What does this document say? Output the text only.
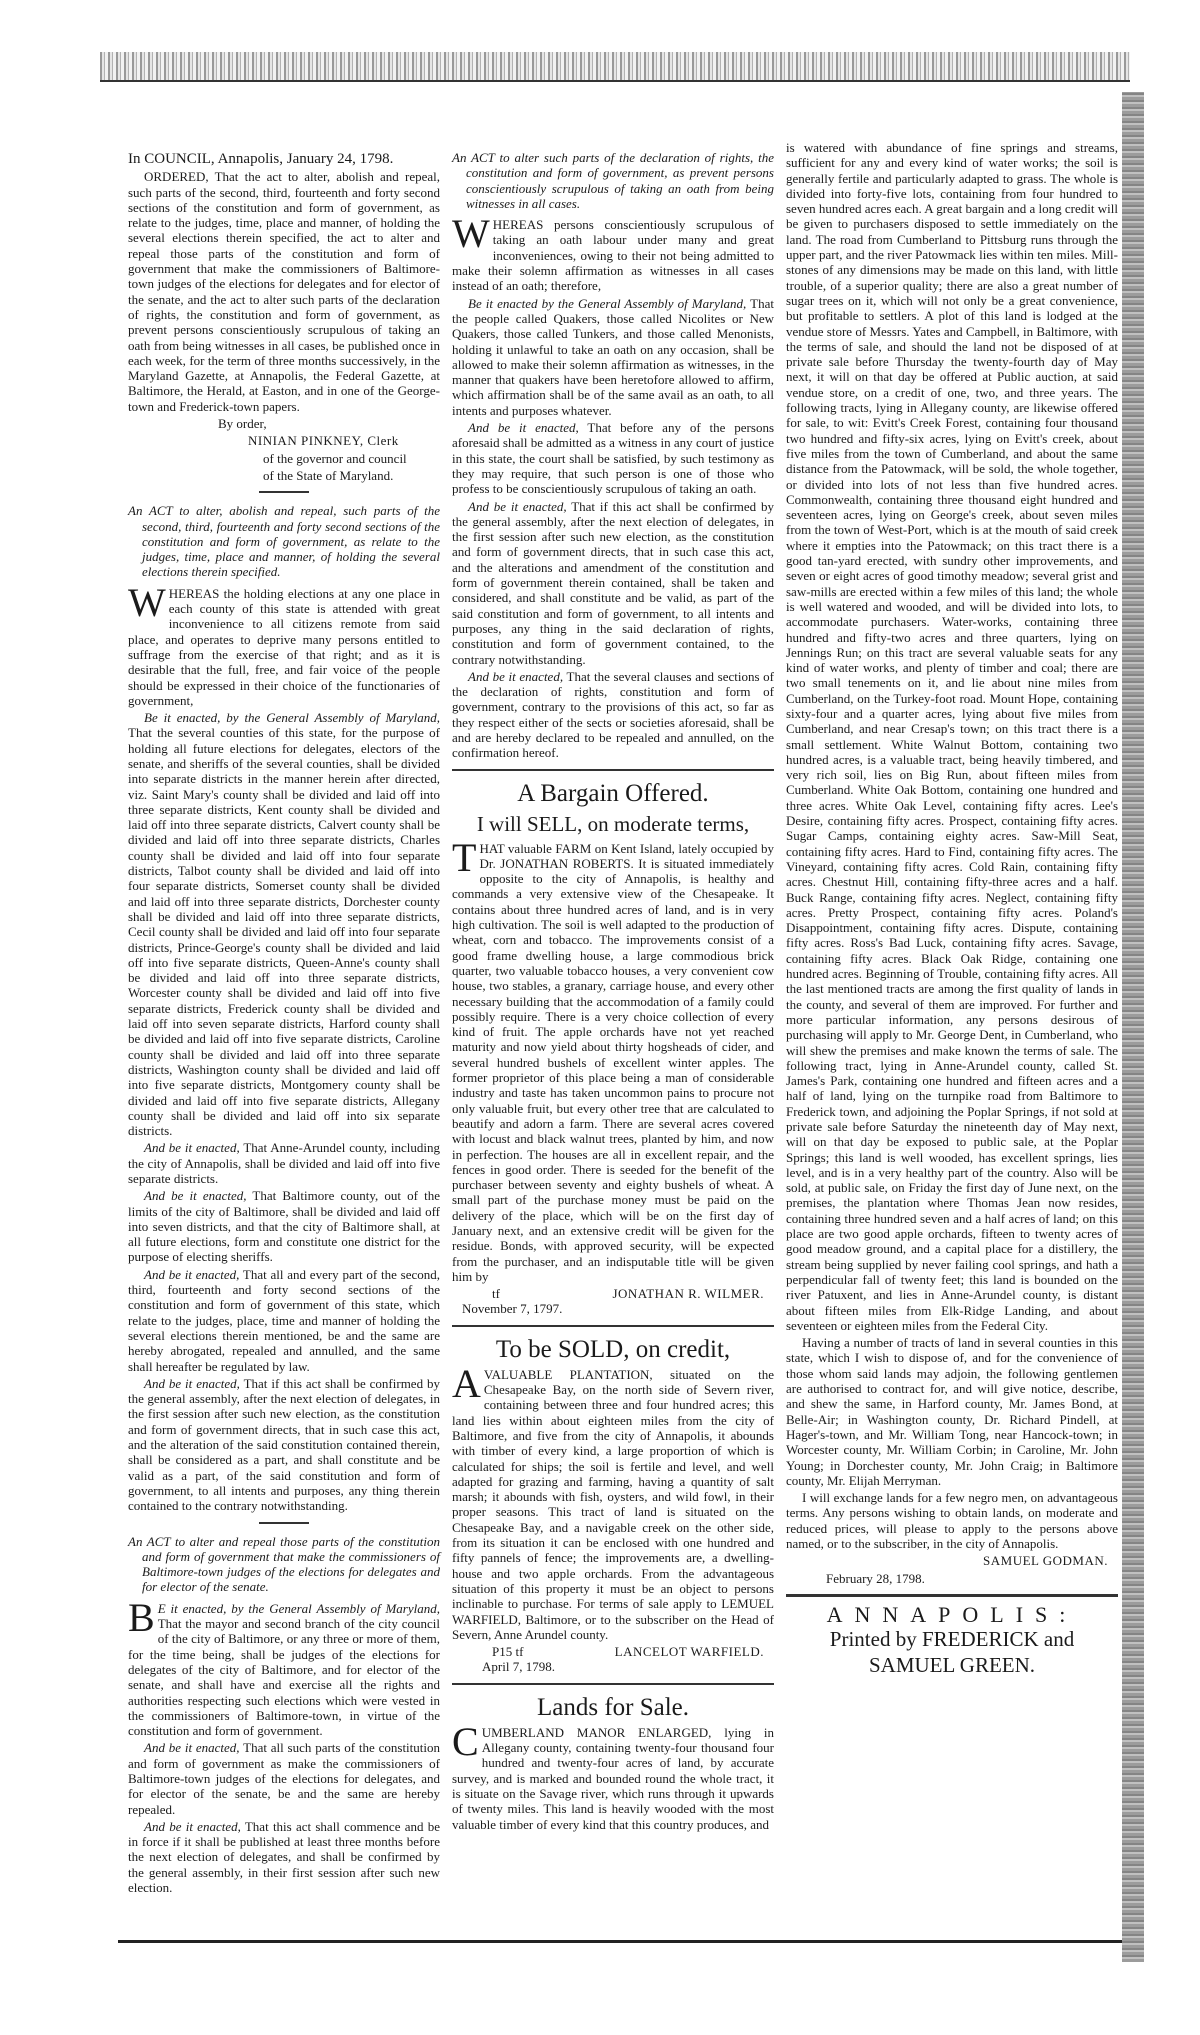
In COUNCIL, Annapolis, January 24, 1798.

ORDERED, That the act to alter, abolish and repeal, such parts of the second, third, fourteenth and forty second sections of the constitution and form of government, as relate to the judges, time, place and manner, of holding the several elections therein specified, the act to alter and repeal those parts of the constitution and form of government that make the commissioners of Baltimore-town judges of the elections for delegates and for elector of the senate, and the act to alter such parts of the declaration of rights, the constitution and form of government, as prevent persons conscientiously scrupulous of taking an oath from being witnesses in all cases, be published once in each week, for the term of three months successively, in the Maryland Gazette, at Annapolis, the Federal Gazette, at Baltimore, the Herald, at Easton, and in one of the George-town and Frederick-town papers.

By order,

NINIAN PINKNEY, Clerk

of the governor and council

of the State of Maryland.

An ACT to alter, abolish and repeal, such parts of the second, third, fourteenth and forty second sections of the constitution and form of government, as relate to the judges, time, place and manner, of holding the several elections therein specified.

WHEREAS the holding elections at any one place in each county of this state is attended with great inconvenience to all citizens remote from said place, and operates to deprive many persons entitled to suffrage from the exercise of that right; and as it is desirable that the full, free, and fair voice of the people should be expressed in their choice of the functionaries of government,

Be it enacted, by the General Assembly of Maryland, That the several counties of this state, for the purpose of holding all future elections for delegates, electors of the senate, and sheriffs of the several counties, shall be divided into separate districts in the manner herein after directed, viz. Saint Mary's county shall be divided and laid off into three separate districts, Kent county shall be divided and laid off into three separate districts, Calvert county shall be divided and laid off into three separate districts, Charles county shall be divided and laid off into four separate districts, Talbot county shall be divided and laid off into four separate districts, Somerset county shall be divided and laid off into three separate districts, Dorchester county shall be divided and laid off into three separate districts, Cecil county shall be divided and laid off into four separate districts, Prince-George's county shall be divided and laid off into five separate districts, Queen-Anne's county shall be divided and laid off into three separate districts, Worcester county shall be divided and laid off into five separate districts, Frederick county shall be divided and laid off into seven separate districts, Harford county shall be divided and laid off into five separate districts, Caroline county shall be divided and laid off into three separate districts, Washington county shall be divided and laid off into five separate districts, Montgomery county shall be divided and laid off into five separate districts, Allegany county shall be divided and laid off into six separate districts.

And be it enacted, That Anne-Arundel county, including the city of Annapolis, shall be divided and laid off into five separate districts.

And be it enacted, That Baltimore county, out of the limits of the city of Baltimore, shall be divided and laid off into seven districts, and that the city of Baltimore shall, at all future elections, form and constitute one district for the purpose of electing sheriffs.

And be it enacted, That all and every part of the second, third, fourteenth and forty second sections of the constitution and form of government of this state, which relate to the judges, place, time and manner of holding the several elections therein mentioned, be and the same are hereby abrogated, repealed and annulled, and the same shall hereafter be regulated by law.

And be it enacted, That if this act shall be confirmed by the general assembly, after the next election of delegates, in the first session after such new election, as the constitution and form of government directs, that in such case this act, and the alteration of the said constitution contained therein, shall be considered as a part, and shall constitute and be valid as a part, of the said constitution and form of government, to all intents and purposes, any thing therein contained to the contrary notwithstanding.

An ACT to alter and repeal those parts of the constitution and form of government that make the commissioners of Baltimore-town judges of the elections for delegates and for elector of the senate.

B E it enacted, by the General Assembly of Maryland, That the mayor and second branch of the city council of the city of Baltimore, or any three or more of them, for the time being, shall be judges of the elections for delegates of the city of Baltimore, and for elector of the senate, and shall have and exercise all the rights and authorities respecting such elections which were vested in the commissioners of Baltimore-town, in virtue of the constitution and form of government.

And be it enacted, That all such parts of the constitution and form of government as make the commissioners of Baltimore-town judges of the elections for delegates, and for elector of the senate, be and the same are hereby repealed.

And be it enacted, That this act shall commence and be in force if it shall be published at least three months before the next election of delegates, and shall be confirmed by the general assembly, in their first session after such new election.

An ACT to alter such parts of the declaration of rights, the constitution and form of government, as prevent persons conscientiously scrupulous of taking an oath from being witnesses in all cases.

WHEREAS persons conscientiously scrupulous of taking an oath labour under many and great inconveniences, owing to their not being admitted to make their solemn affirmation as witnesses in all cases instead of an oath; therefore,

Be it enacted by the General Assembly of Maryland, That the people called Quakers, those called Nicolites or New Quakers, those called Tunkers, and those called Menonists, holding it unlawful to take an oath on any occasion, shall be allowed to make their solemn affirmation as witnesses, in the manner that quakers have been heretofore allowed to affirm, which affirmation shall be of the same avail as an oath, to all intents and purposes whatever.

And be it enacted, That before any of the persons aforesaid shall be admitted as a witness in any court of justice in this state, the court shall be satisfied, by such testimony as they may require, that such person is one of those who profess to be conscientiously scrupulous of taking an oath.

And be it enacted, That if this act shall be confirmed by the general assembly, after the next election of delegates, in the first session after such new election, as the constitution and form of government directs, that in such case this act, and the alterations and amendment of the constitution and form of government therein contained, shall be taken and considered, and shall constitute and be valid, as part of the said constitution and form of government, to all intents and purposes, any thing in the said declaration of rights, constitution and form of government contained, to the contrary notwithstanding.

And be it enacted, That the several clauses and sections of the declaration of rights, constitution and form of government, contrary to the provisions of this act, so far as they respect either of the sects or societies aforesaid, shall be and are hereby declared to be repealed and annulled, on the confirmation hereof.

A Bargain Offered.

I will SELL, on moderate terms,

THAT valuable FARM on Kent Island, lately occupied by Dr. JONATHAN ROBERTS. It is situated immediately opposite to the city of Annapolis, is healthy and commands a very extensive view of the Chesapeake. It contains about three hundred acres of land, and is in very high cultivation. The soil is well adapted to the production of wheat, corn and tobacco. The improvements consist of a good frame dwelling house, a large commodious brick quarter, two valuable tobacco houses, a very convenient cow house, two stables, a granary, carriage house, and every other necessary building that the accommodation of a family could possibly require. There is a very choice collection of every kind of fruit. The apple orchards have not yet reached maturity and now yield about thirty hogsheads of cider, and several hundred bushels of excellent winter apples. The former proprietor of this place being a man of considerable industry and taste has taken uncommon pains to procure not only valuable fruit, but every other tree that are calculated to beautify and adorn a farm. There are several acres covered with locust and black walnut trees, planted by him, and now in perfection. The houses are all in excellent repair, and the fences in good order. There is seeded for the benefit of the purchaser between seventy and eighty bushels of wheat. A small part of the purchase money must be paid on the delivery of the place, which will be on the first day of January next, and an extensive credit will be given for the residue. Bonds, with approved security, will be expected from the purchaser, and an indisputable title will be given him by

tf	JONATHAN R. WILMER.

November 7, 1797.

To be SOLD, on credit,

AVALUABLE PLANTATION, situated on the Chesapeake Bay, on the north side of Severn river, containing between three and four hundred acres; this land lies within about eighteen miles from the city of Baltimore, and five from the city of Annapolis, it abounds with timber of every kind, a large proportion of which is calculated for ships; the soil is fertile and level, and well adapted for grazing and farming, having a quantity of salt marsh; it abounds with fish, oysters, and wild fowl, in their proper seasons. This tract of land is situated on the Chesapeake Bay, and a navigable creek on the other side, from its situation it can be enclosed with one hundred and fifty pannels of fence; the improvements are, a dwelling-house and two apple orchards. From the advantageous situation of this property it must be an object to persons inclinable to purchase. For terms of sale apply to LEMUEL WARFIELD, Baltimore, or to the subscriber on the Head of Severn, Anne Arundel county.

P15 tf	LANCELOT WARFIELD.

April 7, 1798.

Lands for Sale.

CUMBERLAND MANOR ENLARGED, lying in Allegany county, containing twenty-four thousand four hundred and twenty-four acres of land, by accurate survey, and is marked and bounded round the whole tract, it is situate on the Savage river, which runs through it upwards of twenty miles. This land is heavily wooded with the most valuable timber of every kind that this country produces, and

is watered with abundance of fine springs and streams, sufficient for any and every kind of water works; the soil is generally fertile and particularly adapted to grass. The whole is divided into forty-five lots, containing from four hundred to seven hundred acres each. A great bargain and a long credit will be given to purchasers disposed to settle immediately on the land. The road from Cumberland to Pittsburg runs through the upper part, and the river Patowmack lies within ten miles. Mill-stones of any dimensions may be made on this land, with little trouble, of a superior quality; there are also a great number of sugar trees on it, which will not only be a great convenience, but profitable to settlers. A plot of this land is lodged at the vendue store of Messrs. Yates and Campbell, in Baltimore, with the terms of sale, and should the land not be disposed of at private sale before Thursday the twenty-fourth day of May next, it will on that day be offered at Public auction, at said vendue store, on a credit of one, two, and three years. The following tracts, lying in Allegany county, are likewise offered for sale, to wit: Evitt's Creek Forest, containing four thousand two hundred and fifty-six acres, lying on Evitt's creek, about five miles from the town of Cumberland, and about the same distance from the Patowmack, will be sold, the whole together, or divided into lots of not less than five hundred acres. Commonwealth, containing three thousand eight hundred and seventeen acres, lying on George's creek, about seven miles from the town of West-Port, which is at the mouth of said creek where it empties into the Patowmack; on this tract there is a good tan-yard erected, with sundry other improvements, and seven or eight acres of good timothy meadow; several grist and saw-mills are erected within a few miles of this land; the whole is well watered and wooded, and will be divided into lots, to accommodate purchasers. Water-works, containing three hundred and fifty-two acres and three quarters, lying on Jennings Run; on this tract are several valuable seats for any kind of water works, and plenty of timber and coal; there are two small tenements on it, and lie about nine miles from Cumberland, on the Turkey-foot road. Mount Hope, containing sixty-four and a quarter acres, lying about five miles from Cumberland, and near Cresap's town; on this tract there is a small settlement. White Walnut Bottom, containing two hundred acres, is a valuable tract, being heavily timbered, and very rich soil, lies on Big Run, about fifteen miles from Cumberland. White Oak Bottom, containing one hundred and three acres. White Oak Level, containing fifty acres. Lee's Desire, containing fifty acres. Prospect, containing fifty acres. Sugar Camps, containing eighty acres. Saw-Mill Seat, containing fifty acres. Hard to Find, containing fifty acres. The Vineyard, containing fifty acres. Cold Rain, containing fifty acres. Chestnut Hill, containing fifty-three acres and a half. Buck Range, containing fifty acres. Neglect, containing fifty acres. Pretty Prospect, containing fifty acres. Poland's Disappointment, containing fifty acres. Dispute, containing fifty acres. Ross's Bad Luck, containing fifty acres. Savage, containing fifty acres. Black Oak Ridge, containing one hundred acres. Beginning of Trouble, containing fifty acres. All the last mentioned tracts are among the first quality of lands in the county, and several of them are improved. For further and more particular information, any persons desirous of purchasing will apply to Mr. George Dent, in Cumberland, who will shew the premises and make known the terms of sale. The following tract, lying in Anne-Arundel county, called St. James's Park, containing one hundred and fifteen acres and a half of land, lying on the turnpike road from Baltimore to Frederick town, and adjoining the Poplar Springs, if not sold at private sale before Saturday the nineteenth day of May next, will on that day be exposed to public sale, at the Poplar Springs; this land is well wooded, has excellent springs, lies level, and is in a very healthy part of the country. Also will be sold, at public sale, on Friday the first day of June next, on the premises, the plantation where Thomas Jean now resides, containing three hundred seven and a half acres of land; on this place are two good apple orchards, fifteen to twenty acres of good meadow ground, and a capital place for a distillery, the stream being supplied by never failing cool springs, and hath a perpendicular fall of twenty feet; this land is bounded on the river Patuxent, and lies in Anne-Arundel county, is distant about fifteen miles from Elk-Ridge Landing, and about seventeen or eighteen miles from the Federal City.

Having a number of tracts of land in several counties in this state, which I wish to dispose of, and for the convenience of those whom said lands may adjoin, the following gentlemen are authorised to contract for, and will give notice, describe, and shew the same, in Harford county, Mr. James Bond, at Belle-Air; in Washington county, Dr. Richard Pindell, at Hager's-town, and Mr. William Tong, near Hancock-town; in Worcester county, Mr. William Corbin; in Caroline, Mr. John Young; in Dorchester county, Mr. John Craig; in Baltimore county, Mr. Elijah Merryman.

I will exchange lands for a few negro men, on advantageous terms. Any persons wishing to obtain lands, on moderate and reduced prices, will please to apply to the persons above named, or to the subscriber, in the city of Annapolis.

SAMUEL GODMAN.

February 28, 1798.

ANNAPOLIS:

Printed by FREDERICK and SAMUEL GREEN.
